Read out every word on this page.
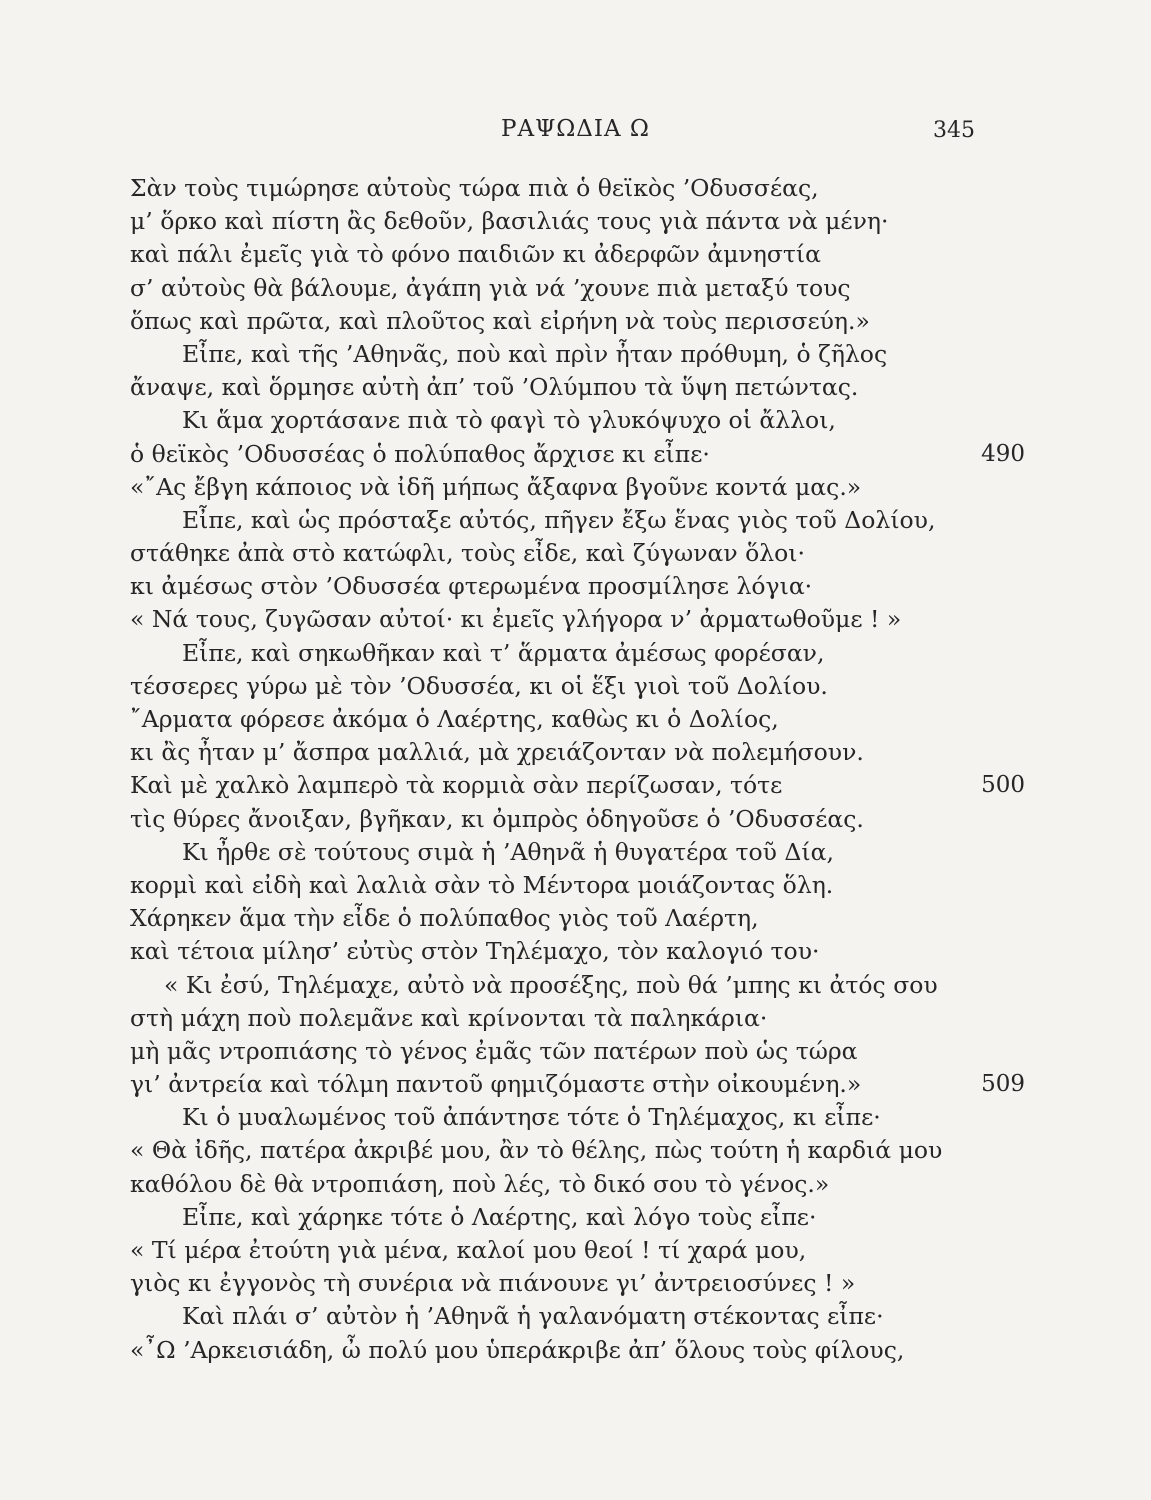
ΡΑΨΩΔΙΑ Ω	345
Σὰν τοὺς τιμώρησε αὐτοὺς τώρα πιὰ ὁ θεϊκὸς ’Οδυσσέας,
μ’ ὅρκο καὶ πίστη ἂς δεθοῦν, βασιλιάς τους γιὰ πάντα νὰ μένη·
καὶ πάλι ἐμεῖς γιὰ τὸ φόνο παιδιῶν κι ἀδερφῶν ἀμνηστία
σ’ αὐτοὺς θὰ βάλουμε, ἀγάπη γιὰ νά ’χουνε πιὰ μεταξύ τους
ὅπως καὶ πρῶτα, καὶ πλοῦτος καὶ εἰρήνη νὰ τοὺς περισσεύη.»
Εἶπε, καὶ τῆς ’Αθηνᾶς, ποὺ καὶ πρὶν ἦταν πρόθυμη, ὁ ζῆλος
ἄναψε, καὶ ὅρμησε αὐτὴ ἀπ’ τοῦ ’Ολύμπου τὰ ὕψη πετώντας.
Κι ἅμα χορτάσανε πιὰ τὸ φαγὶ τὸ γλυκόψυχο οἱ ἄλλοι,
ὁ θεϊκὸς ’Οδυσσέας ὁ πολύπαθος ἄρχισε κι εἶπε·	490
«῎Ας ἔβγη κάποιος νὰ ἰδῆ μήπως ἄξαφνα βγοῦνε κοντά μας.»
Εἶπε, καὶ ὡς πρόσταξε αὐτός, πῆγεν ἔξω ἕνας γιὸς τοῦ Δολίου,
στάθηκε ἀπὰ στὸ κατώφλι, τοὺς εἶδε, καὶ ζύγωναν ὅλοι·
κι ἀμέσως στὸν ’Οδυσσέα φτερωμένα προσμίλησε λόγια·
« Νά τους, ζυγῶσαν αὐτοί· κι ἐμεῖς γλήγορα ν’ ἀρματωθοῦμε ! »
Εἶπε, καὶ σηκωθῆκαν καὶ τ’ ἅρματα ἀμέσως φορέσαν,
τέσσερες γύρω μὲ τὸν ’Οδυσσέα, κι οἱ ἕξι γιοὶ τοῦ Δολίου.
῎Αρματα φόρεσε ἀκόμα ὁ Λαέρτης, καθὼς κι ὁ Δολίος,
κι ἂς ἦταν μ’ ἄσπρα μαλλιά, μὰ χρειάζονταν νὰ πολεμήσουν.
Καὶ μὲ χαλκὸ λαμπερὸ τὰ κορμιὰ σὰν περίζωσαν, τότε	500
τὶς θύρες ἄνοιξαν, βγῆκαν, κι ὀμπρὸς ὁδηγοῦσε ὁ ’Οδυσσέας.
Κι ἦρθε σὲ τούτους σιμὰ ἡ ’Αθηνᾶ ἡ θυγατέρα τοῦ Δία,
κορμὶ καὶ εἰδὴ καὶ λαλιὰ σὰν τὸ Μέντορα μοιάζοντας ὅλη.
Χάρηκεν ἅμα τὴν εἶδε ὁ πολύπαθος γιὸς τοῦ Λαέρτη,
καὶ τέτοια μίλησ’ εὐτὺς στὸν Τηλέμαχο, τὸν καλογιό του·
« Κι ἐσύ, Τηλέμαχε, αὐτὸ νὰ προσέξης, ποὺ θά ’μπης κι ἀτός σου
στὴ μάχη ποὺ πολεμᾶνε καὶ κρίνονται τὰ παληκάρια·
μὴ μᾶς ντροπιάσης τὸ γένος ἐμᾶς τῶν πατέρων ποὺ ὡς τώρα
γι’ ἀντρεία καὶ τόλμη παντοῦ φημιζόμαστε στὴν οἰκουμένη.»	509
Κι ὁ μυαλωμένος τοῦ ἀπάντησε τότε ὁ Τηλέμαχος, κι εἶπε·
« Θὰ ἰδῆς, πατέρα ἀκριβέ μου, ἂν τὸ θέλης, πὼς τούτη ἡ καρδιά μου
καθόλου δὲ θὰ ντροπιάση, ποὺ λές, τὸ δικό σου τὸ γένος.»
Εἶπε, καὶ χάρηκε τότε ὁ Λαέρτης, καὶ λόγο τοὺς εἶπε·
« Τί μέρα ἐτούτη γιὰ μένα, καλοί μου θεοί ! τί χαρά μου,
γιὸς κι ἐγγονὸς τὴ συνέρια νὰ πιάνουνε γι’ ἀντρειοσύνες ! »
Καὶ πλάι σ’ αὐτὸν ἡ ’Αθηνᾶ ἡ γαλανόματη στέκοντας εἶπε·
«῏Ω ’Αρκεισιάδη, ὦ πολύ μου ὑπεράκριβε ἀπ’ ὅλους τοὺς φίλους,
